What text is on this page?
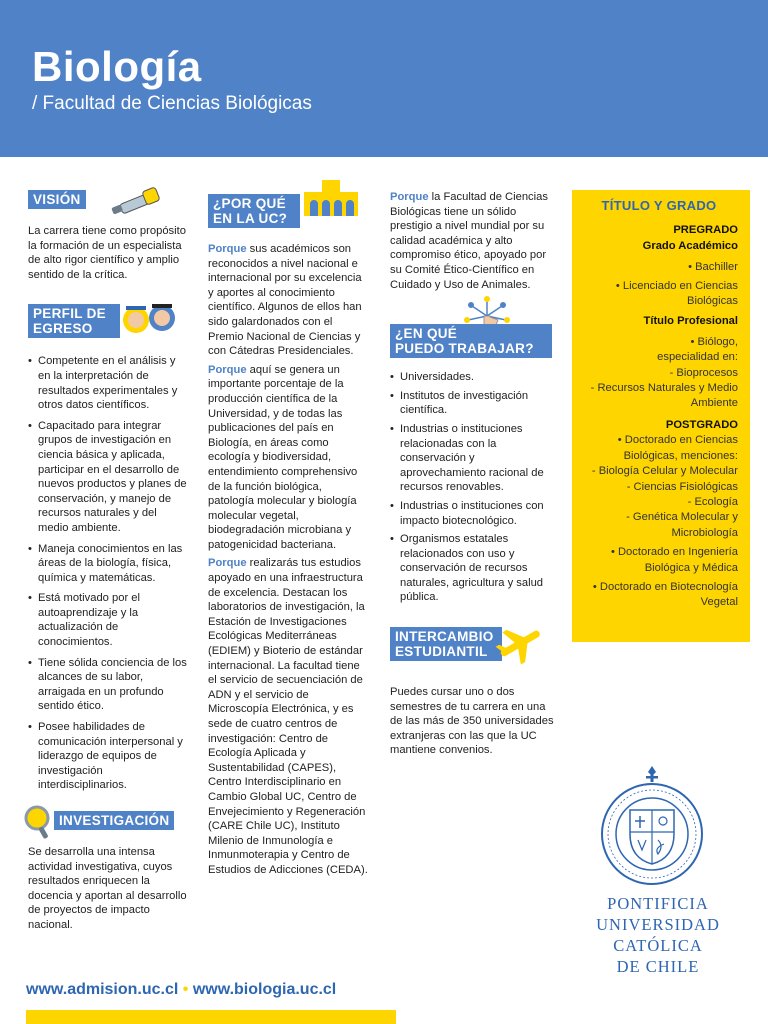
Biología
/ Facultad de Ciencias Biológicas
VISIÓN

La carrera tiene como propósito la formación de un especialista de alto rigor científico y amplio sentido de la crítica.

PERFIL DE
EGRESO
• Competente en el análisis y en la interpretación de resultados experimentales y otros datos científicos.
• Capacitado para integrar grupos de investigación en ciencia básica y aplicada, participar en el desarrollo de nuevos productos y planes de conservación, y manejo de recursos naturales y del medio ambiente.
• Maneja conocimientos en las áreas de la biología, física, química y matemáticas.
• Está motivado por el autoaprendizaje y la actualización de conocimientos.
• Tiene sólida conciencia de los alcances de su labor, arraigada en un profundo sentido ético.
• Posee habilidades de comunicación interpersonal y liderazgo de equipos de investigación interdisciplinarios.
INVESTIGACIÓN

Se desarrolla una intensa actividad investigativa, cuyos resultados enriquecen la docencia y aportan al desarrollo de proyectos de impacto nacional.

¿POR QUÉ
EN LA UC?

Porque sus académicos son reconocidos a nivel nacional e internacional por su excelencia y aportes al conocimiento científico. Algunos de ellos han sido galardonados con el Premio Nacional de Ciencias y con Cátedras Presidenciales.

Porque aquí se genera un importante porcentaje de la producción científica de la Universidad, y de todas las publicaciones del país en Biología, en áreas como ecología y biodiversidad, entendimiento comprehensivo de la función biológica, patología molecular y biología molecular vegetal, biodegradación microbiana y patogenicidad bacteriana.

Porque realizarás tus estudios apoyado en una infraestructura de excelencia. Destacan los laboratorios de investigación, la Estación de Investigaciones Ecológicas Mediterráneas (EDIEM) y Bioterio de estándar internacional. La facultad tiene el servicio de secuenciación de ADN y el servicio de Microscopía Electrónica, y es sede de cuatro centros de investigación: Centro de Ecología Aplicada y Sustentabilidad (CAPES), Centro Interdisciplinario en Cambio Global UC, Centro de Envejecimiento y Regeneración (CARE Chile UC), Instituto Milenio de Inmunología e Inmunmoterapia y Centro de Estudios de Adicciones (CEDA).

Porque la Facultad de Ciencias Biológicas tiene un sólido prestigio a nivel mundial por su calidad académica y alto compromiso ético, apoyado por su Comité Ético-Científico en Cuidado y Uso de Animales.

¿EN QUÉ
PUEDO TRABAJAR?
• Universidades.
• Institutos de investigación científica.
• Industrias o instituciones relacionadas con la conservación y aprovechamiento racional de recursos renovables.
• Industrias o instituciones con impacto biotecnológico.
• Organismos estatales relacionados con uso y conservación de recursos naturales, agricultura y salud pública.
INTERCAMBIO
ESTUDIANTIL

Puedes cursar uno o dos semestres de tu carrera en una de las más de 350 universidades extranjeras con las que la UC mantiene convenios.

TÍTULO Y GRADO
PREGRADO
Grado Académico
• Bachiller
• Licenciado en Ciencias Biológicas
Título Profesional
• Biólogo, especialidad en:
- Bioprocesos
- Recursos Naturales y Medio Ambiente
POSTGRADO
• Doctorado en Ciencias Biológicas, menciones:
- Biología Celular y Molecular
- Ciencias Fisiológicas
- Ecología
- Genética Molecular y Microbiología
• Doctorado en Ingeniería Biológica y Médica
• Doctorado en Biotecnología Vegetal
PONTIFICIA
UNIVERSIDAD
CATÓLICA
DE CHILE
www.admision.uc.cl • www.biologia.uc.cl
